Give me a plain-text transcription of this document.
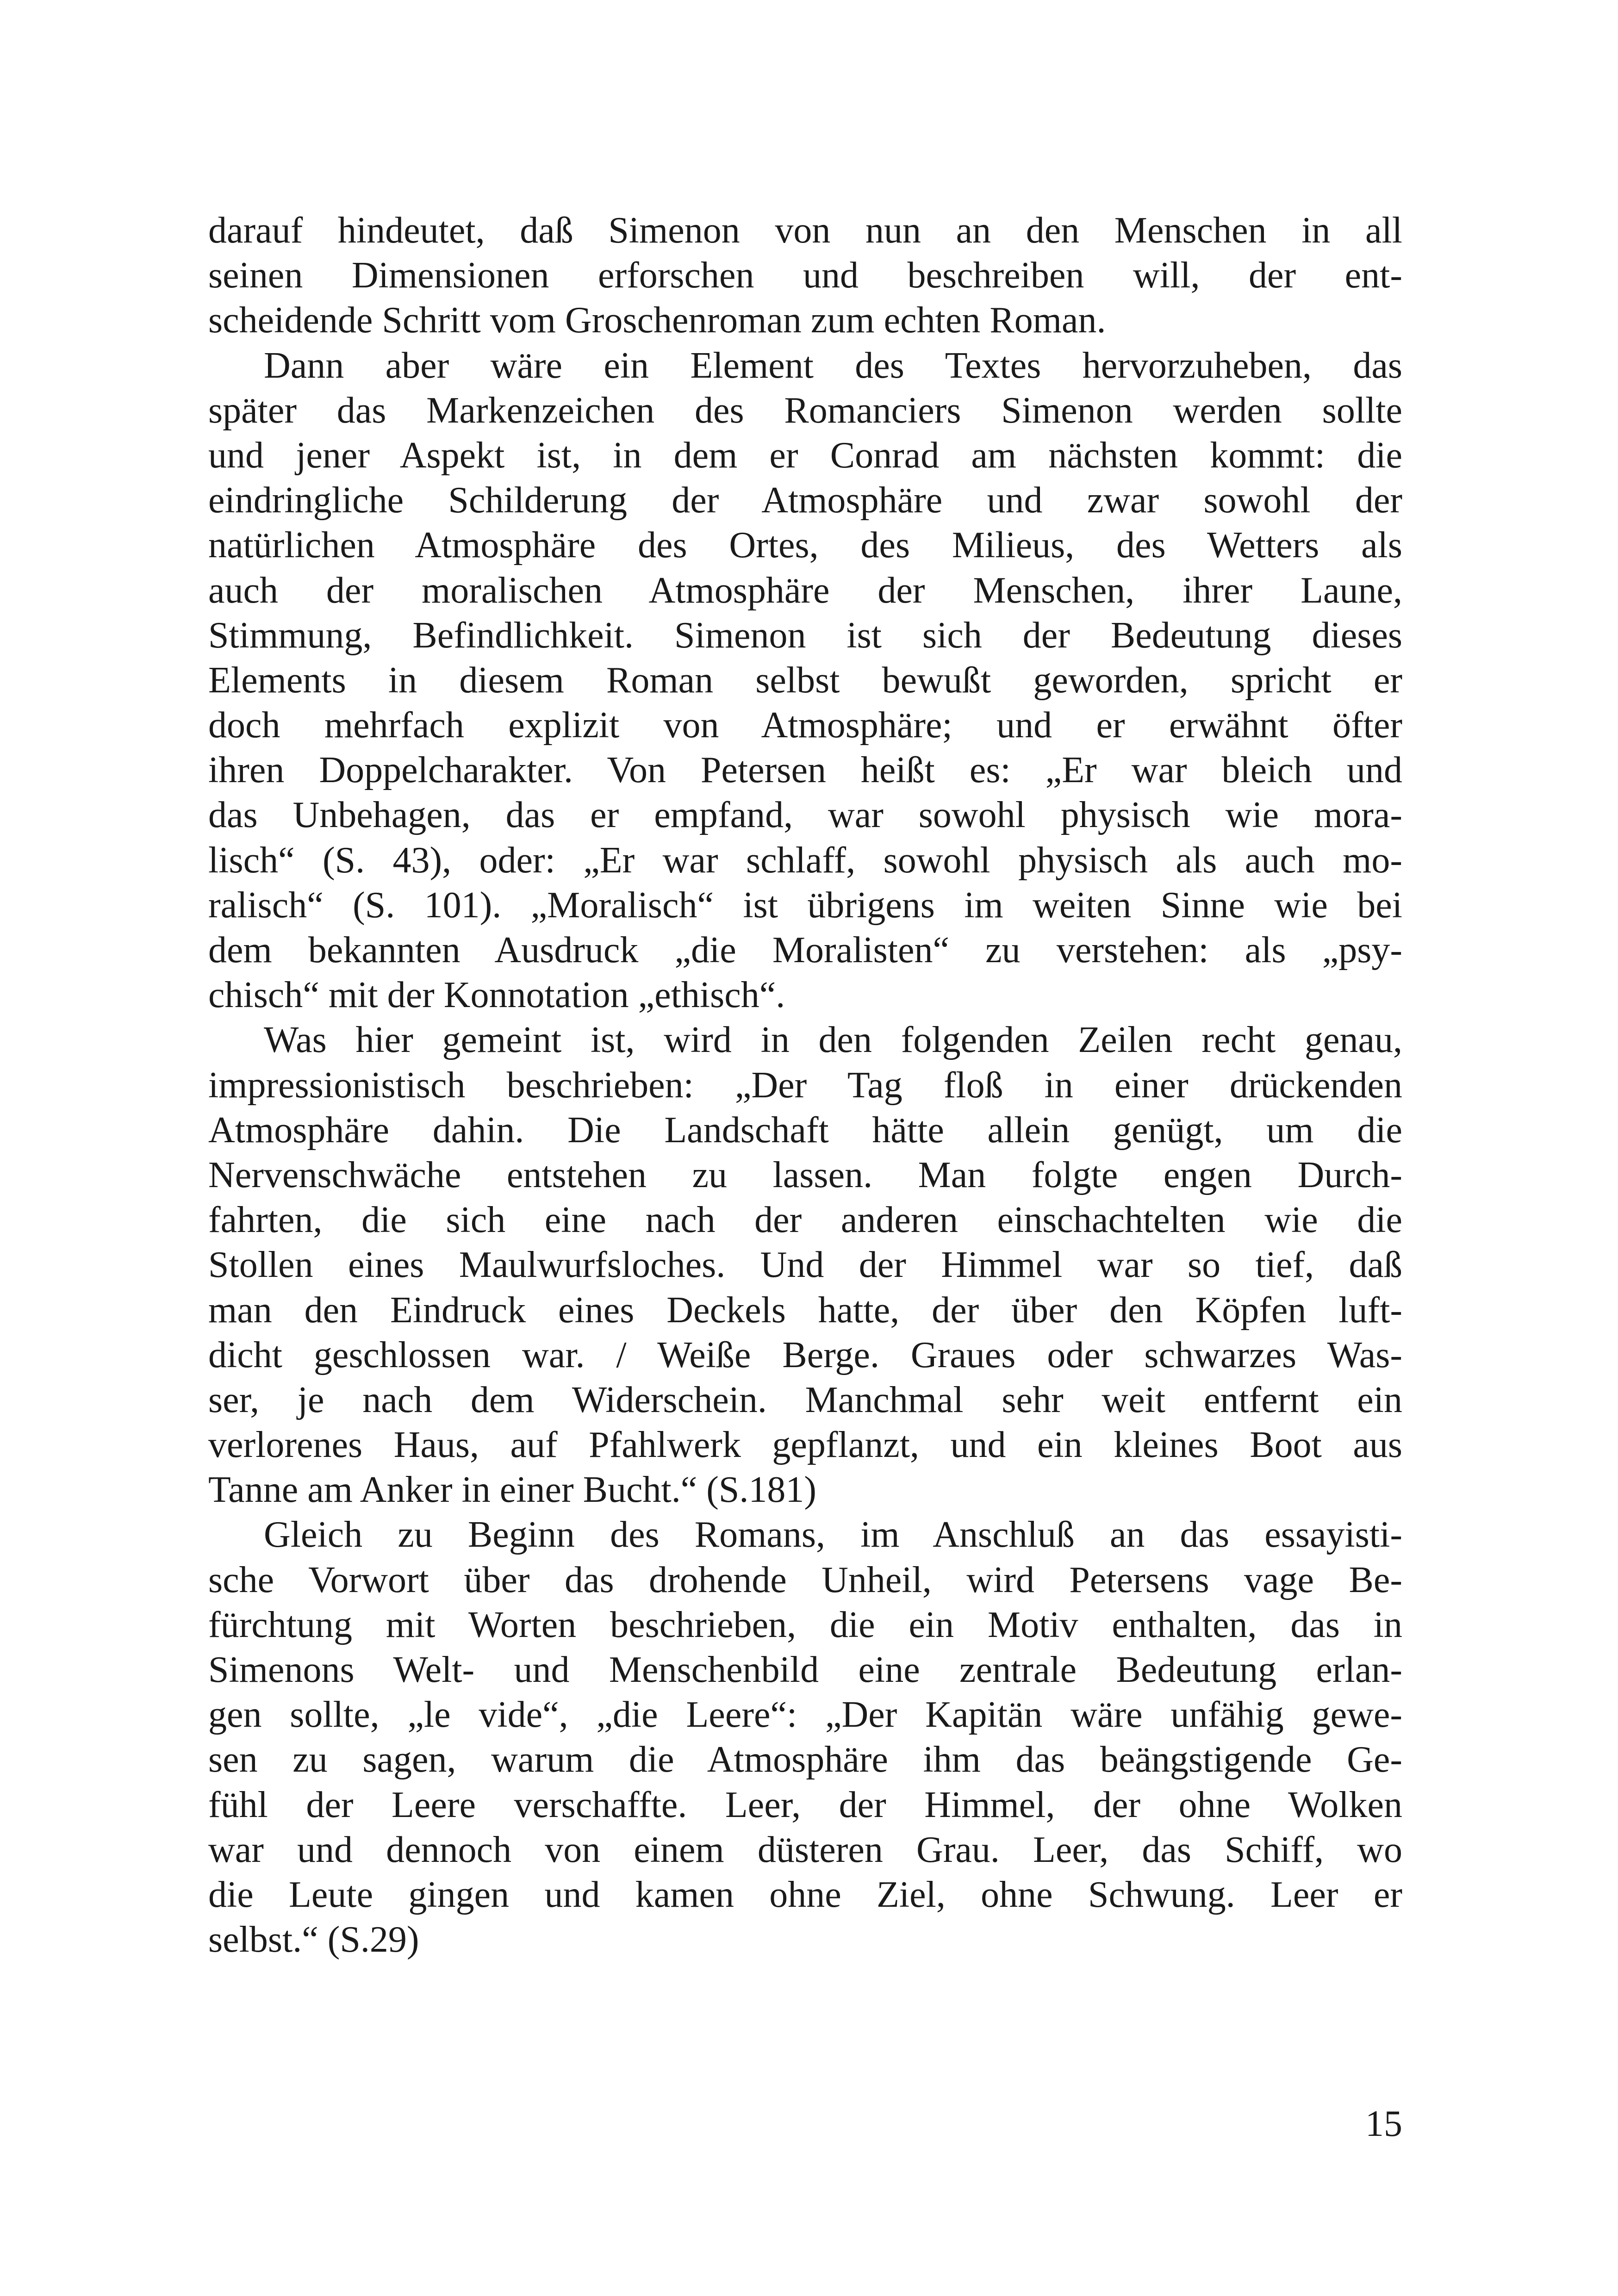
darauf hindeutet, daß Simenon von nun an den Menschen in all
seinen Dimensionen erforschen und beschreiben will, der ent-
scheidende Schritt vom Groschenroman zum echten Roman.
Dann aber wäre ein Element des Textes hervorzuheben, das
später das Markenzeichen des Romanciers Simenon werden sollte
und jener Aspekt ist, in dem er Conrad am nächsten kommt: die
eindringliche Schilderung der Atmosphäre und zwar sowohl der
natürlichen Atmosphäre des Ortes, des Milieus, des Wetters als
auch der moralischen Atmosphäre der Menschen, ihrer Laune,
Stimmung, Befindlichkeit. Simenon ist sich der Bedeutung dieses
Elements in diesem Roman selbst bewußt geworden, spricht er
doch mehrfach explizit von Atmosphäre; und er erwähnt öfter
ihren Doppelcharakter. Von Petersen heißt es: „Er war bleich und
das Unbehagen, das er empfand, war sowohl physisch wie mora-
lisch“ (S. 43), oder: „Er war schlaff, sowohl physisch als auch mo-
ralisch“ (S. 101). „Moralisch“ ist übrigens im weiten Sinne wie bei
dem bekannten Ausdruck „die Moralisten“ zu verstehen: als „psy-
chisch“ mit der Konnotation „ethisch“.
Was hier gemeint ist, wird in den folgenden Zeilen recht genau,
impressionistisch beschrieben: „Der Tag floß in einer drückenden
Atmosphäre dahin. Die Landschaft hätte allein genügt, um die
Nervenschwäche entstehen zu lassen. Man folgte engen Durch-
fahrten, die sich eine nach der anderen einschachtelten wie die
Stollen eines Maulwurfsloches. Und der Himmel war so tief, daß
man den Eindruck eines Deckels hatte, der über den Köpfen luft-
dicht geschlossen war. / Weiße Berge. Graues oder schwarzes Was-
ser, je nach dem Widerschein. Manchmal sehr weit entfernt ein
verlorenes Haus, auf Pfahlwerk gepflanzt, und ein kleines Boot aus
Tanne am Anker in einer Bucht.“ (S.181)
Gleich zu Beginn des Romans, im Anschluß an das essayisti-
sche Vorwort über das drohende Unheil, wird Petersens vage Be-
fürchtung mit Worten beschrieben, die ein Motiv enthalten, das in
Simenons Welt- und Menschenbild eine zentrale Bedeutung erlan-
gen sollte, „le vide“, „die Leere“: „Der Kapitän wäre unfähig gewe-
sen zu sagen, warum die Atmosphäre ihm das beängstigende Ge-
fühl der Leere verschaffte. Leer, der Himmel, der ohne Wolken
war und dennoch von einem düsteren Grau. Leer, das Schiff, wo
die Leute gingen und kamen ohne Ziel, ohne Schwung. Leer er
selbst.“ (S.29)
15
